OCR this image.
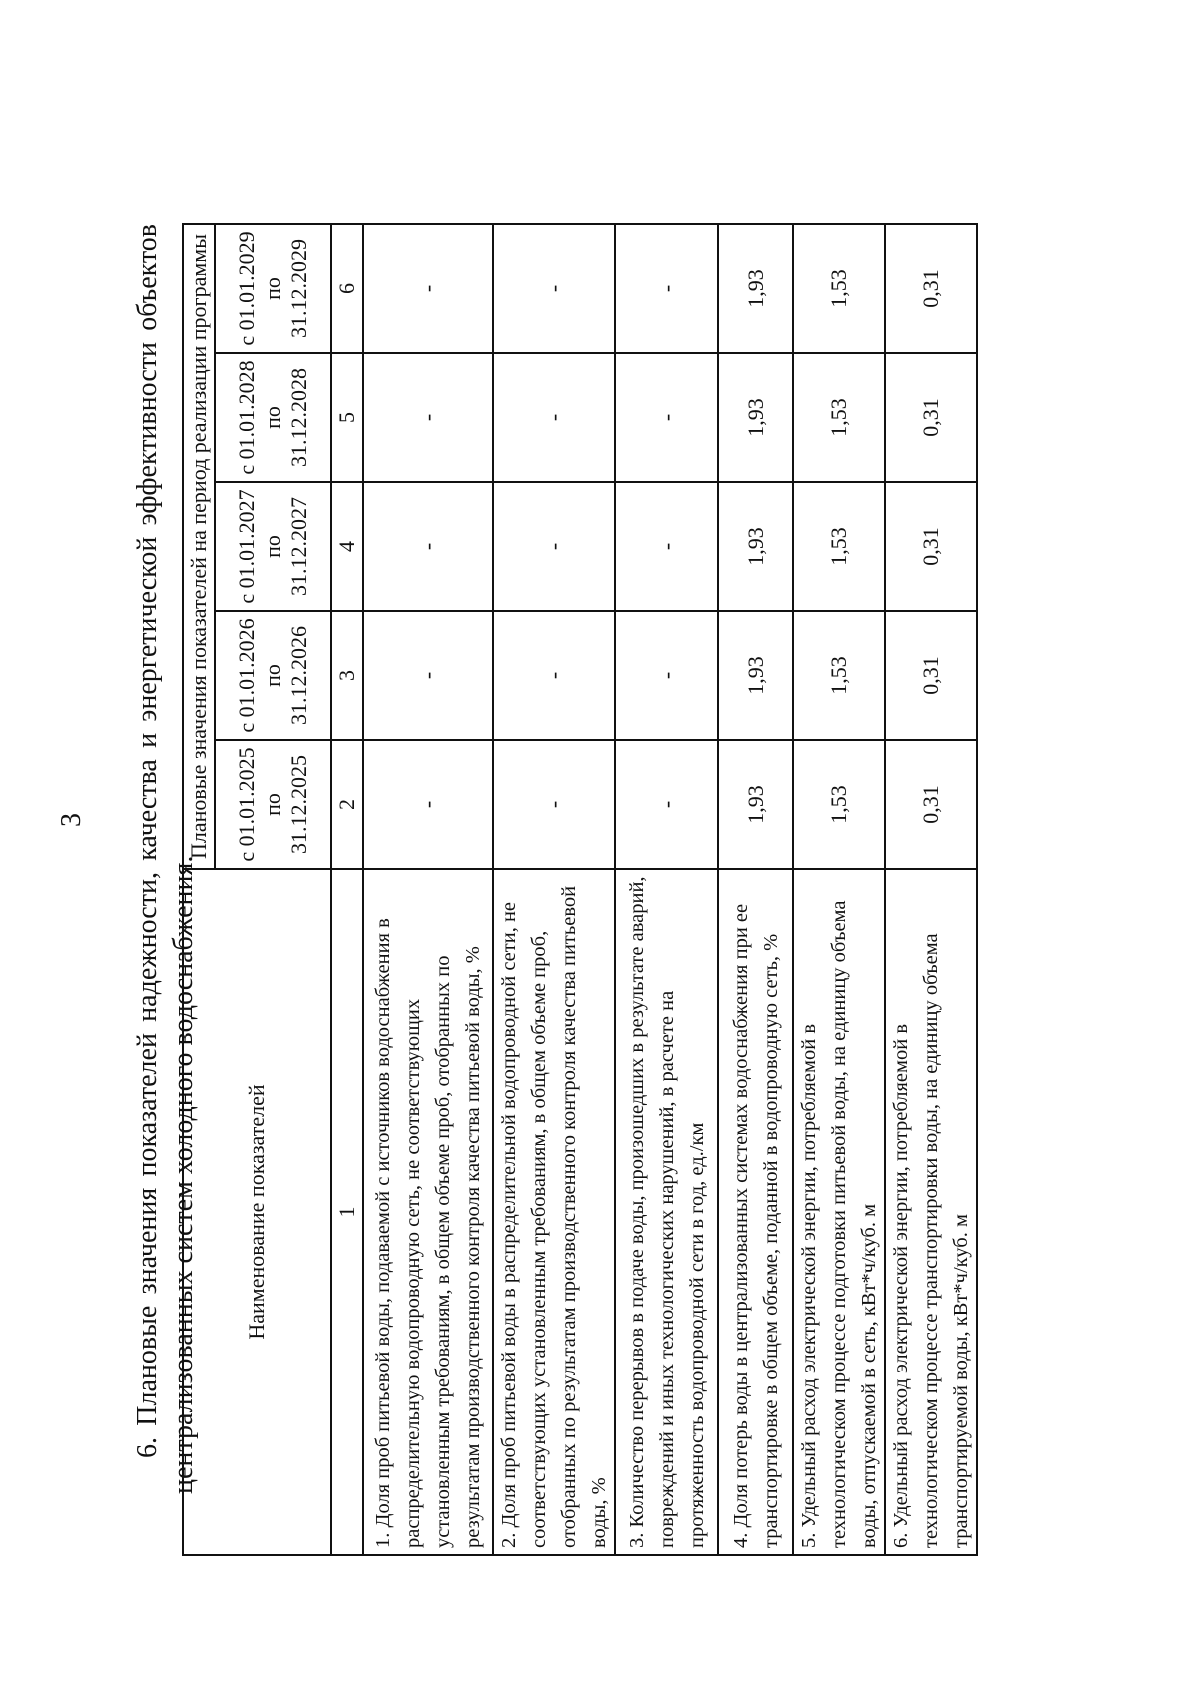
3 6. Плановые значения показателей надежности, качества и энергетической эффективности объектов централизованных систем холодного водоснабжения. Наименование показателей	Плановые значения показателей на период реализации программы				
	с 01.01.2025
по
31.12.2025	с 01.01.2026
по
31.12.2026	с 01.01.2027
по
31.12.2027	с 01.01.2028
по
31.12.2028	с 01.01.2029
по
31.12.2029
1	2	3	4	5	6
1. Доля проб питьевой воды, подаваемой с источников водоснабжения в распределительную водопроводную сеть, не соответствующих установленным требованиям, в общем объеме проб, отобранных по результатам производственного контроля качества питьевой воды, %	-	-	-	-	-
2. Доля проб питьевой воды в распределительной водопроводной сети, не соответствующих установленным требованиям, в общем объеме проб, отобранных по результатам производственного контроля качества питьевой воды, %	-	-	-	-	-
3. Количество перерывов в подаче воды, произошедших в результате аварий, повреждений и иных технологических нарушений, в расчете на протяженность водопроводной сети в год, ед./км	-	-	-	-	-
4. Доля потерь воды в централизованных системах водоснабжения при ее транспортировке в общем объеме, поданной в водопроводную сеть, %	1,93	1,93	1,93	1,93	1,93
5. Удельный расход электрической энергии, потребляемой в технологическом процессе подготовки питьевой воды, на единицу объема воды, отпускаемой в сеть, кВт*ч/куб. м	1,53	1,53	1,53	1,53	1,53
6. Удельный расход электрической энергии, потребляемой в технологическом процессе транспортировки воды, на единицу объема транспортируемой воды, кВт*ч/куб. м	0,31	0,31	0,31	0,31	0,31
